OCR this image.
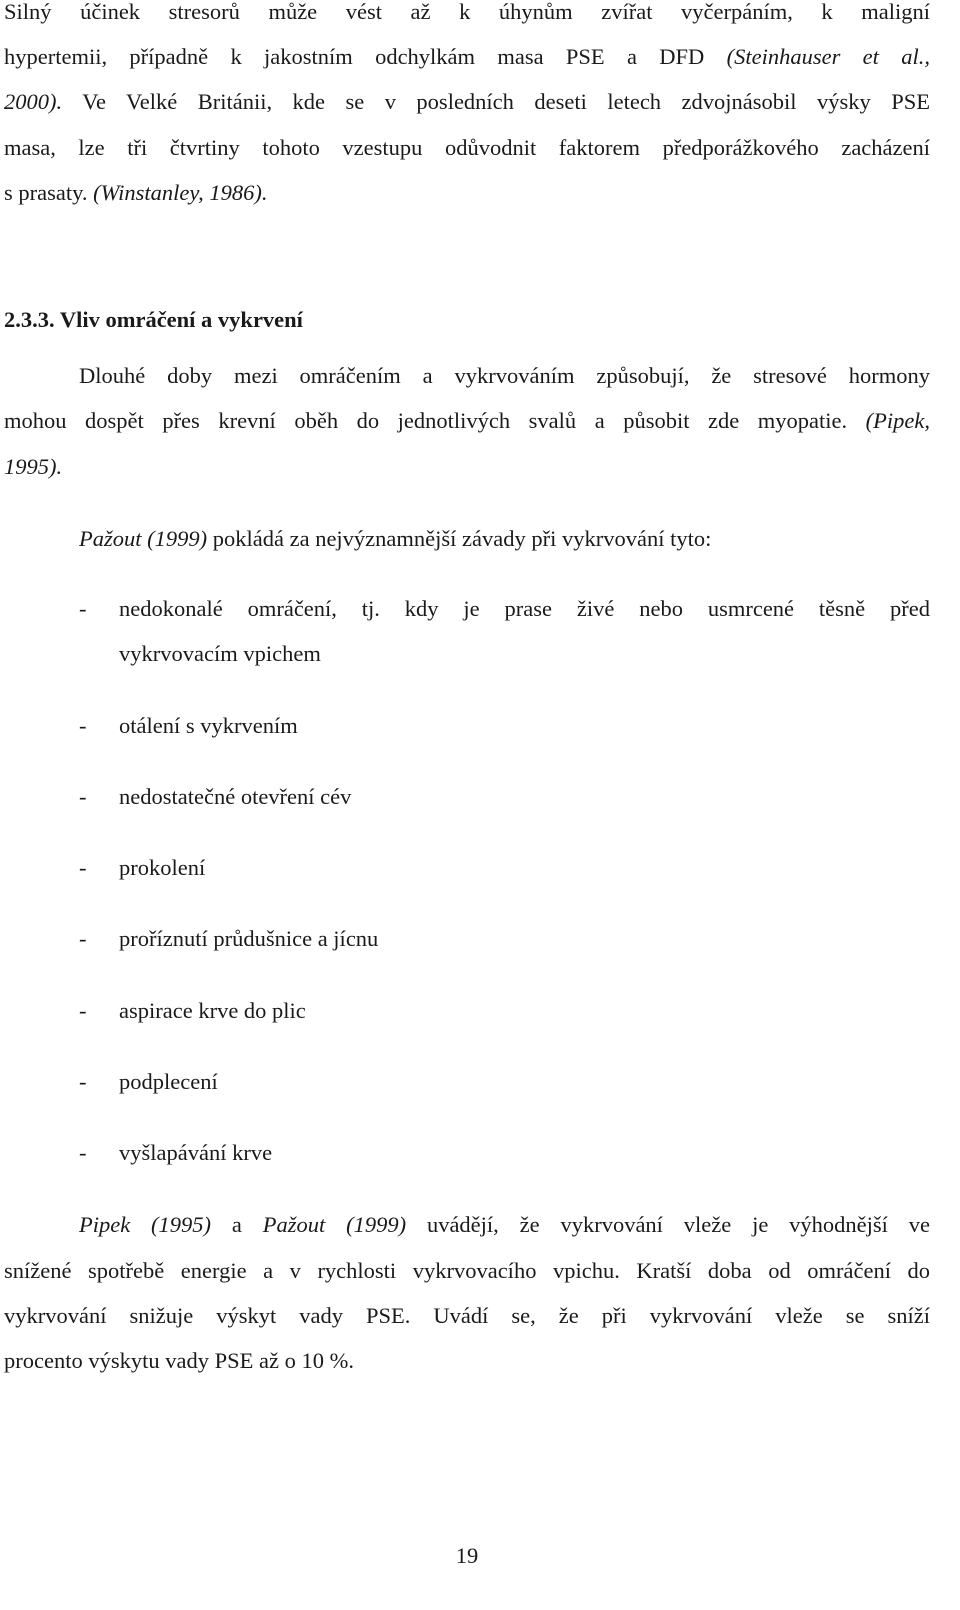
Silný účinek stresorů může vést až k úhynům zvířat vyčerpáním, k maligní
hypertemii, případně k jakostním odchylkám masa PSE a DFD (Steinhauser et al.,
2000). Ve Velké Británii, kde se v posledních deseti letech zdvojnásobil výsky PSE
masa, lze tři čtvrtiny tohoto vzestupu odůvodnit faktorem předporážkového zacházení
s prasaty. (Winstanley, 1986).
2.3.3. Vliv omráčení a vykrvení
Dlouhé doby mezi omráčením a vykrvováním způsobují, že stresové hormony
mohou dospět přes krevní oběh do jednotlivých svalů a působit zde myopatie. (Pipek,
1995).
Pažout (1999) pokládá za nejvýznamnější závady při vykrvování tyto:
- nedokonalé omráčení, tj. kdy je prase živé nebo usmrcené těsně před
vykrvovacím vpichem
- otálení s vykrvením
- nedostatečné otevření cév
- prokolení
- proříznutí průdušnice a jícnu
- aspirace krve do plic
- podplecení
- vyšlapávání krve
Pipek (1995) a Pažout (1999) uvádějí, že vykrvování vleže je výhodnější ve
snížené spotřebě energie a v rychlosti vykrvovacího vpichu. Kratší doba od omráčení do
vykrvování snižuje výskyt vady PSE. Uvádí se, že při vykrvování vleže se sníží
procento výskytu vady PSE až o 10 %.
19
